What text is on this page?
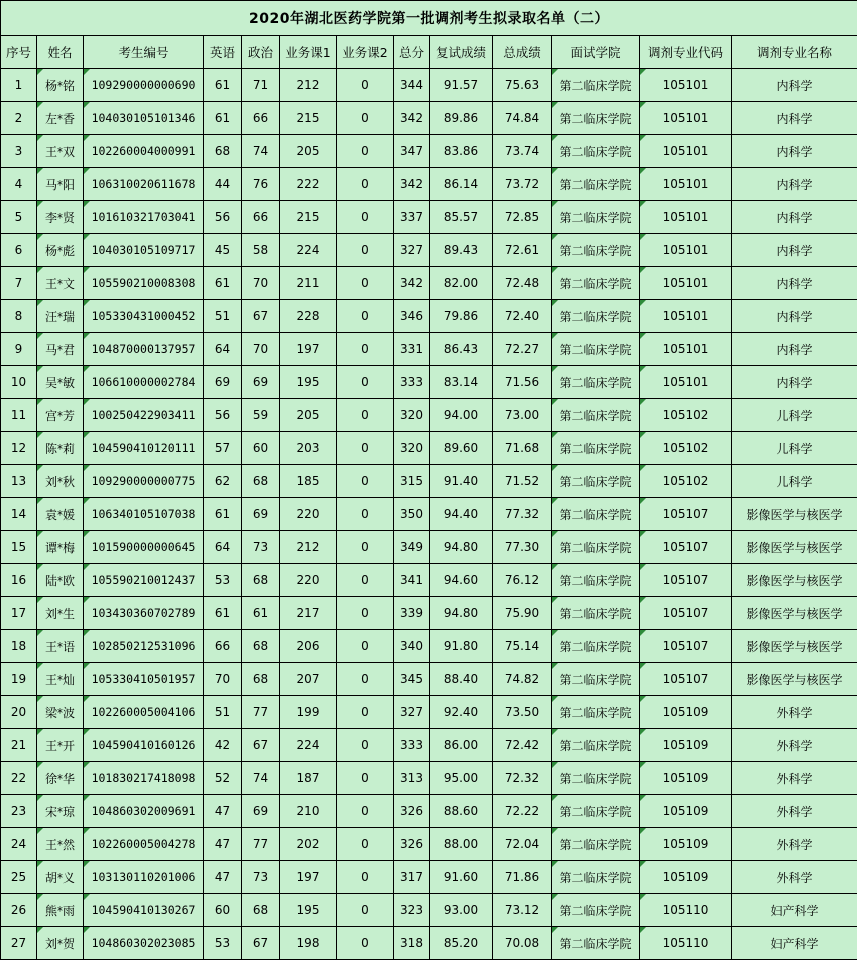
2020年湖北医药学院第一批调剂考生拟录取名单（二）												
序号	姓名	考生编号	英语	政治	业务课1	业务课2	总分	复试成绩	总成绩	面试学院	调剂专业代码	调剂专业名称
1	杨*铭	109290000000690	61	71	212	0	344	91.57	75.63	第二临床学院	105101	内科学
2	左*香	104030105101346	61	66	215	0	342	89.86	74.84	第二临床学院	105101	内科学
3	王*双	102260004000991	68	74	205	0	347	83.86	73.74	第二临床学院	105101	内科学
4	马*阳	106310020611678	44	76	222	0	342	86.14	73.72	第二临床学院	105101	内科学
5	李*贤	101610321703041	56	66	215	0	337	85.57	72.85	第二临床学院	105101	内科学
6	杨*彪	104030105109717	45	58	224	0	327	89.43	72.61	第二临床学院	105101	内科学
7	王*文	105590210008308	61	70	211	0	342	82.00	72.48	第二临床学院	105101	内科学
8	汪*瑞	105330431000452	51	67	228	0	346	79.86	72.40	第二临床学院	105101	内科学
9	马*君	104870000137957	64	70	197	0	331	86.43	72.27	第二临床学院	105101	内科学
10	吴*敏	106610000002784	69	69	195	0	333	83.14	71.56	第二临床学院	105101	内科学
11	宫*芳	100250422903411	56	59	205	0	320	94.00	73.00	第二临床学院	105102	儿科学
12	陈*莉	104590410120111	57	60	203	0	320	89.60	71.68	第二临床学院	105102	儿科学
13	刘*秋	109290000000775	62	68	185	0	315	91.40	71.52	第二临床学院	105102	儿科学
14	袁*媛	106340105107038	61	69	220	0	350	94.40	77.32	第二临床学院	105107	影像医学与核医学
15	谭*梅	101590000000645	64	73	212	0	349	94.80	77.30	第二临床学院	105107	影像医学与核医学
16	陆*欧	105590210012437	53	68	220	0	341	94.60	76.12	第二临床学院	105107	影像医学与核医学
17	刘*生	103430360702789	61	61	217	0	339	94.80	75.90	第二临床学院	105107	影像医学与核医学
18	王*语	102850212531096	66	68	206	0	340	91.80	75.14	第二临床学院	105107	影像医学与核医学
19	王*灿	105330410501957	70	68	207	0	345	88.40	74.82	第二临床学院	105107	影像医学与核医学
20	梁*波	102260005004106	51	77	199	0	327	92.40	73.50	第二临床学院	105109	外科学
21	王*开	104590410160126	42	67	224	0	333	86.00	72.42	第二临床学院	105109	外科学
22	徐*华	101830217418098	52	74	187	0	313	95.00	72.32	第二临床学院	105109	外科学
23	宋*琼	104860302009691	47	69	210	0	326	88.60	72.22	第二临床学院	105109	外科学
24	王*然	102260005004278	47	77	202	0	326	88.00	72.04	第二临床学院	105109	外科学
25	胡*义	103130110201006	47	73	197	0	317	91.60	71.86	第二临床学院	105109	外科学
26	熊*雨	104590410130267	60	68	195	0	323	93.00	73.12	第二临床学院	105110	妇产科学
27	刘*贺	104860302023085	53	67	198	0	318	85.20	70.08	第二临床学院	105110	妇产科学
